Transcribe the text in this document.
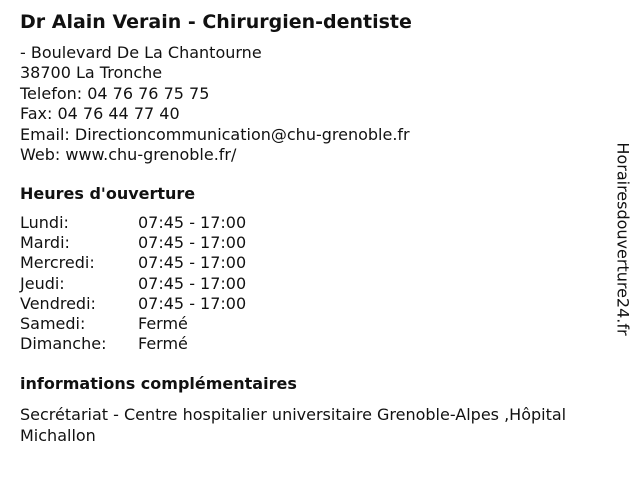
Dr Alain Verain - Chirurgien-dentiste
- Boulevard De La Chantourne
38700 La Tronche
Telefon: 04 76 76 75 75
Fax: 04 76 44 77 40
Email: Directioncommunication@chu-grenoble.fr
Web: www.chu-grenoble.fr/
Heures d'ouverture
Lundi:	07:45 - 17:00
Mardi:	07:45 - 17:00
Mercredi:	07:45 - 17:00
Jeudi:	07:45 - 17:00
Vendredi:	07:45 - 17:00
Samedi:	Fermé
Dimanche:	Fermé
informations complémentaires
Secrétariat - Centre hospitalier universitaire Grenoble-Alpes ,Hôpital Michallon
Horairesdouverture24.fr
